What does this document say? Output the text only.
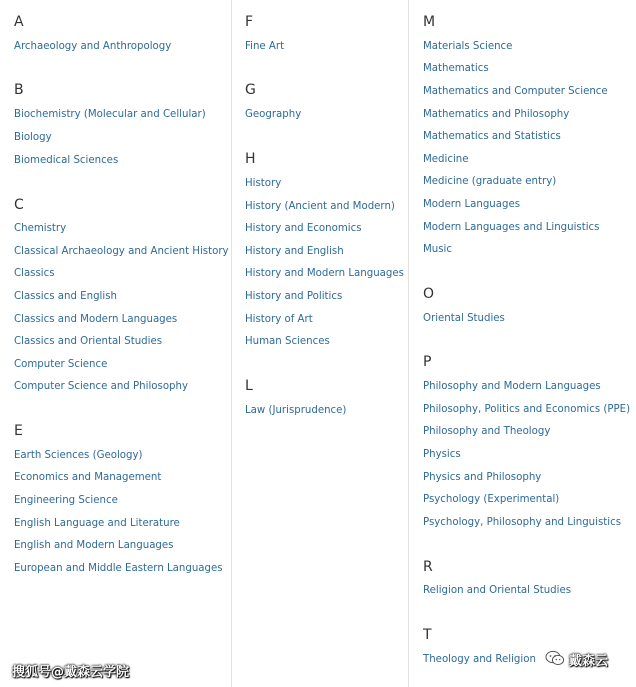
A
Archaeology and Anthropology
B
Biochemistry (Molecular and Cellular)
Biology
Biomedical Sciences
C
Chemistry
Classical Archaeology and Ancient History
Classics
Classics and English
Classics and Modern Languages
Classics and Oriental Studies
Computer Science
Computer Science and Philosophy
E
Earth Sciences (Geology)
Economics and Management
Engineering Science
English Language and Literature
English and Modern Languages
European and Middle Eastern Languages
F
Fine Art
G
Geography
H
History
History (Ancient and Modern)
History and Economics
History and English
History and Modern Languages
History and Politics
History of Art
Human Sciences
L
Law (Jurisprudence)
M
Materials Science
Mathematics
Mathematics and Computer Science
Mathematics and Philosophy
Mathematics and Statistics
Medicine
Medicine (graduate entry)
Modern Languages
Modern Languages and Linguistics
Music
O
Oriental Studies
P
Philosophy and Modern Languages
Philosophy, Politics and Economics (PPE)
Philosophy and Theology
Physics
Physics and Philosophy
Psychology (Experimental)
Psychology, Philosophy and Linguistics
R
Religion and Oriental Studies
T
Theology and Religion
搜狐号@戴森云学院
戴森云
